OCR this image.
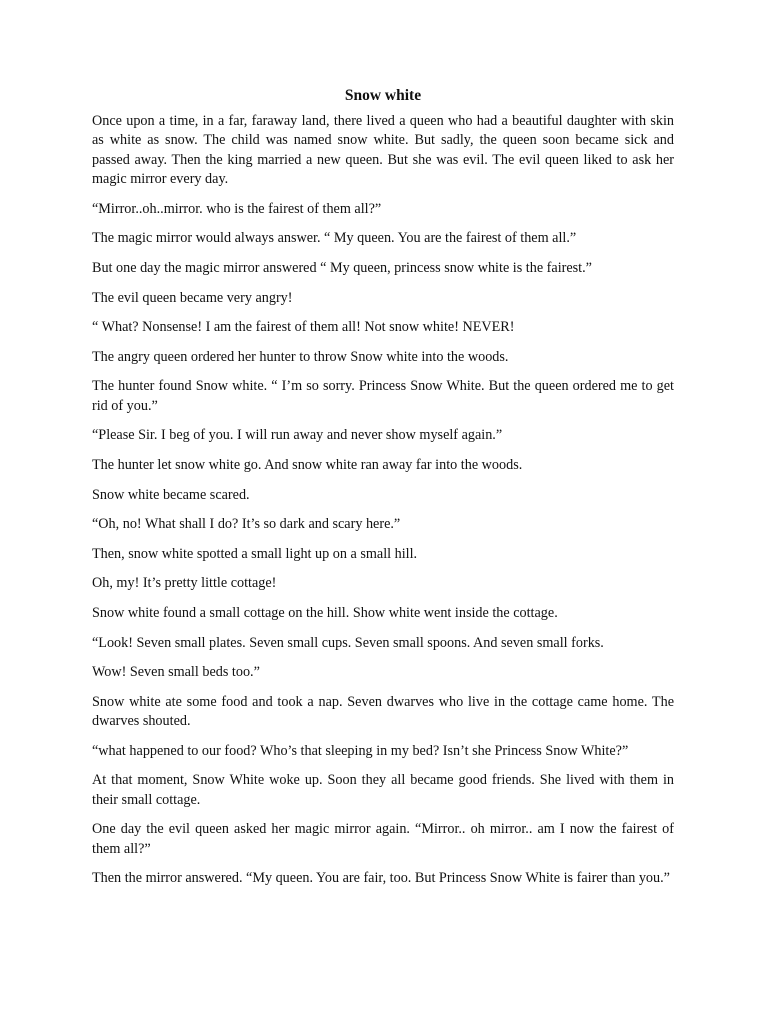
Snow white

Once upon a time, in a far, faraway land, there lived a queen who had a beautiful daughter with skin as white as snow. The child was named snow white. But sadly, the queen soon became sick and passed away. Then the king married a new queen. But she was evil. The evil queen liked to ask her magic mirror every day.

“Mirror..oh..mirror. who is the fairest of them all?”

The magic mirror would always answer. “ My queen. You are the fairest of them all.”

But one day the magic mirror answered “ My queen, princess snow white is the fairest.”

The evil queen became very angry!

“ What? Nonsense! I am the fairest of them all! Not snow white! NEVER!

The angry queen ordered her hunter to throw Snow white into the woods.

The hunter found Snow white. “ I’m so sorry. Princess Snow White. But the queen ordered me to get rid of you.”

“Please Sir. I beg of you. I will run away and never show myself again.”

The hunter let snow white go. And snow white ran away far into the woods.

Snow white became scared.

“Oh, no! What shall I do? It’s so dark and scary here.”

Then, snow white spotted a small light up on a small hill.

Oh, my! It’s pretty little cottage!

Snow white found a small cottage on the hill. Show white went inside the cottage.

“Look! Seven small plates. Seven small cups. Seven small spoons. And seven small forks.

Wow! Seven small beds too.”

Snow white ate some food and took a nap. Seven dwarves who live in the cottage came home. The dwarves shouted.

“what happened to our food? Who’s that sleeping in my bed? Isn’t she Princess Snow White?”

At that moment, Snow White woke up. Soon they all became good friends. She lived with them in their small cottage.

One day the evil queen asked her magic mirror again. “Mirror.. oh mirror.. am I now the fairest of them all?”

Then the mirror answered. “My queen. You are fair, too. But Princess Snow White is fairer than you.”
